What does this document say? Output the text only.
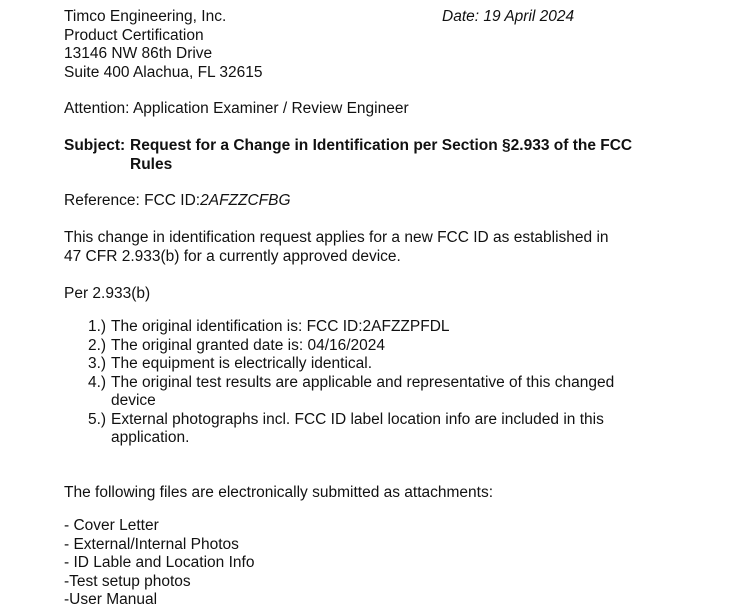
Timco Engineering, Inc.
Product Certification
13146 NW 86th Drive
Suite 400 Alachua, FL 32615
Date: 19 April 2024
Attention: Application Examiner / Review Engineer
Subject: Request for a Change in Identification per Section §2.933 of the FCC Rules
Reference: FCC ID:2AFZZCFBG
This change in identification request applies for a new FCC ID as established in
47 CFR 2.933(b) for a currently approved device.
Per 2.933(b)
1.) The original identification is: FCC ID:2AFZZPFDL
2.) The original granted date is: 04/16/2024
3.) The equipment is electrically identical.
4.) The original test results are applicable and representative of this changed
device
5.) External photographs incl. FCC ID label location info are included in this
application.
The following files are electronically submitted as attachments:
- Cover Letter
- External/Internal Photos
- ID Lable and Location Info
-Test setup photos
-User Manual
